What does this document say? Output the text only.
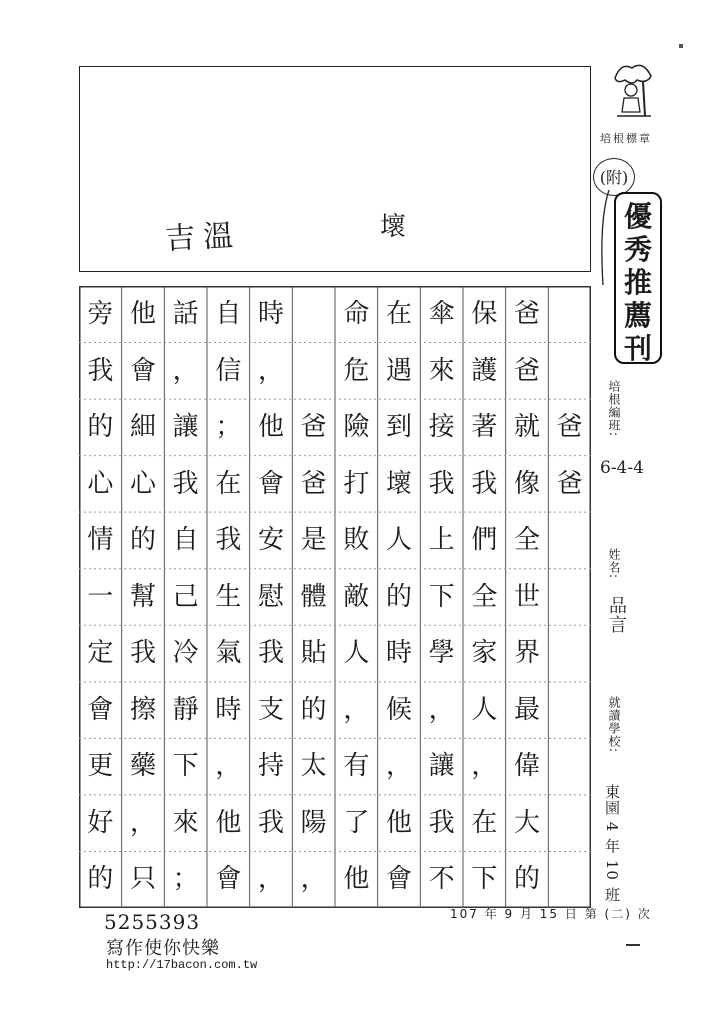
吉溫	壞
培根標章
(附)
優
秀
推
薦
刊
培根編班:
6-4-4
姓名:
品言
就讀學校:
東園 4 年 10 班
爸
爸
爸
爸
就
像
全
世
界
最
偉
大
的
保
護
著
我
們
全
家
人
，
在
下
傘
來
接
我
上
下
學
，
讓
我
不
在
遇
到
壞
人
的
時
候
，
他
會
命
危
險
打
敗
敵
人
，
有
了
他
爸
爸
是
體
貼
的
太
陽
，
時
，
他
會
安
慰
我
支
持
我
，
自
信
；
在
我
生
氣
時
，
他
會
話
，
讓
我
自
己
冷
靜
下
來
；
他
會
細
心
的
幫
我
擦
藥
，
只
旁
我
的
心
情
一
定
會
更
好
的
107 年 9 月 15 日 第 (二) 次
5255393
寫作使你快樂
http://17bacon.com.tw
